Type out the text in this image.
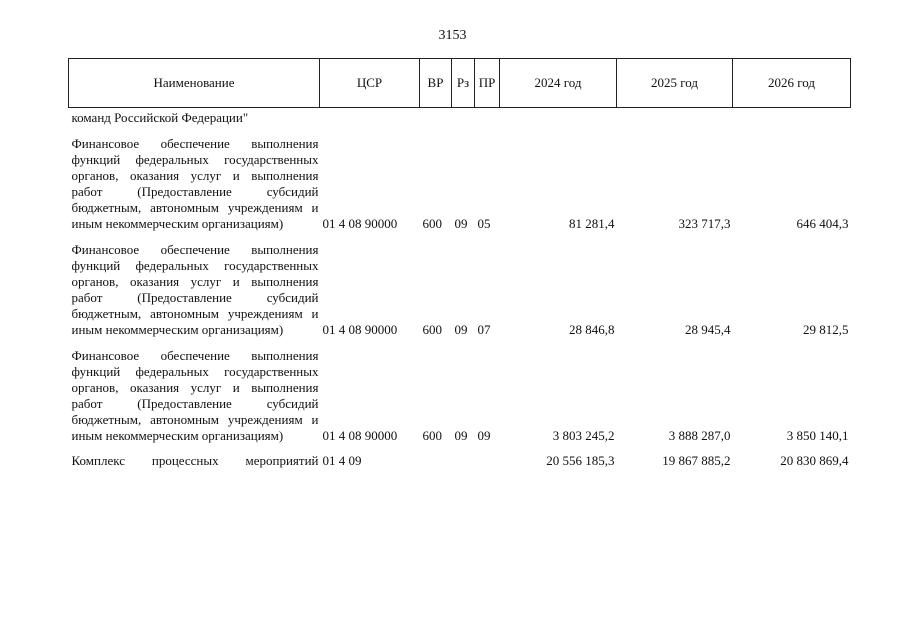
3153
Наименование	ЦСР	ВР	Рз	ПР	2024 год	2025 год	2026 год
команд Российской Федерации"							
Финансовое обеспечение выполнения функций федеральных государственных органов, оказания услуг и выполнения работ (Предоставление субсидий бюджетным, автономным учреждениям и иным некоммерческим организациям)	01 4 08 90000	600	09	05	81 281,4	323 717,3	646 404,3
Финансовое обеспечение выполнения функций федеральных государственных органов, оказания услуг и выполнения работ (Предоставление субсидий бюджетным, автономным учреждениям и иным некоммерческим организациям)	01 4 08 90000	600	09	07	28 846,8	28 945,4	29 812,5
Финансовое обеспечение выполнения функций федеральных государственных органов, оказания услуг и выполнения работ (Предоставление субсидий бюджетным, автономным учреждениям и иным некоммерческим организациям)	01 4 08 90000	600	09	09	3 803 245,2	3 888 287,0	3 850 140,1
Комплекс процессных мероприятий	01 4 09				20 556 185,3	19 867 885,2	20 830 869,4
